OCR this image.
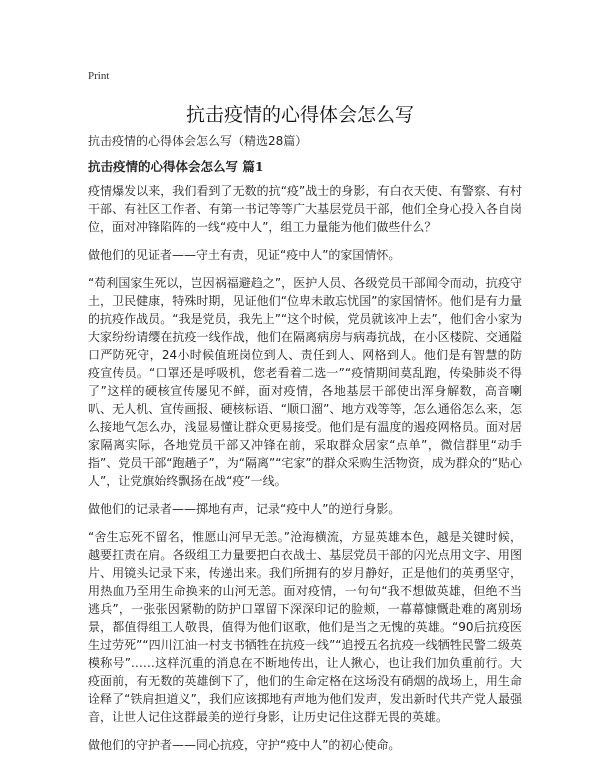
Print
抗击疫情的心得体会怎么写

抗击疫情的心得体会怎么写（精选28篇）

抗击疫情的心得体会怎么写 篇1

疫情爆发以来，我们看到了无数的抗“疫”战士的身影，有白衣天使、有警察、有村干部、有社区工作者、有第一书记等等广大基层党员干部，他们全身心投入各自岗位，面对冲锋陷阵的一线“疫中人”，组工力量能为他们做些什么？

做他们的见证者——守土有责，见证“疫中人”的家国情怀。

“苟利国家生死以，岂因祸福避趋之”，医护人员、各级党员干部闻令而动，抗疫守土，卫民健康，特殊时期，见证他们“位卑未敢忘忧国”的家国情怀。他们是有力量的抗疫作战员。“我是党员，我先上”“这个时候，党员就该冲上去”，他们舍小家为大家纷纷请缨在抗疫一线作战，他们在隔离病房与病毒抗战，在小区楼院、交通隘口严防死守，24小时候值班岗位到人、责任到人、网格到人。他们是有智慧的防疫宣传员。“口罩还是呼吸机，您老看着二选一”“疫情期间莫乱跑，传染肺炎不得了”这样的硬核宣传屡见不鲜，面对疫情，各地基层干部使出浑身解数，高音喇叭、无人机、宣传画报、硬核标语、“顺口溜”、地方戏等等，怎么通俗怎么来，怎么接地气怎么办，浅显易懂让群众更易接受。他们是有温度的遏疫网格员。面对居家隔离实际，各地党员干部又冲锋在前，采取群众居家“点单”，微信群里“动手指”、党员干部“跑趟子”，为“隔离”“宅家”的群众采购生活物资，成为群众的“贴心人”，让党旗始终飘扬在战“疫”一线。

做他们的记录者——掷地有声，记录“疫中人”的逆行身影。

“舍生忘死不留名，惟愿山河早无恙。”沧海横流，方显英雄本色，越是关键时候，越要扛责在肩。各级组工力量要把白衣战士、基层党员干部的闪光点用文字、用图片、用镜头记录下来，传递出来。我们所拥有的岁月静好，正是他们的英勇坚守，用热血乃至用生命换来的山河无恙。面对疫情，一句句“我不想做英雄，但绝不当逃兵”，一张张因紧勒的防护口罩留下深深印记的脸颊，一幕幕慷慨赴难的离别场景，都值得组工人敬畏，值得为他们讴歌，他们是当之无愧的英雄。“90后抗疫医生过劳死”“四川江油一村支书牺牲在抗疫一线”“追授五名抗疫一线牺牲民警二级英模称号”……这样沉重的消息在不断地传出，让人揪心，也让我们加负重前行。大疫面前，有无数的英雄倒下了，他们的生命定格在这场没有硝烟的战场上，用生命诠释了“铁肩担道义”，我们应该掷地有声地为他们发声，发出新时代共产党人最强音，让世人记住这群最美的逆行身影，让历史记住这群无畏的英雄。

做他们的守护者——同心抗疫，守护“疫中人”的初心使命。
